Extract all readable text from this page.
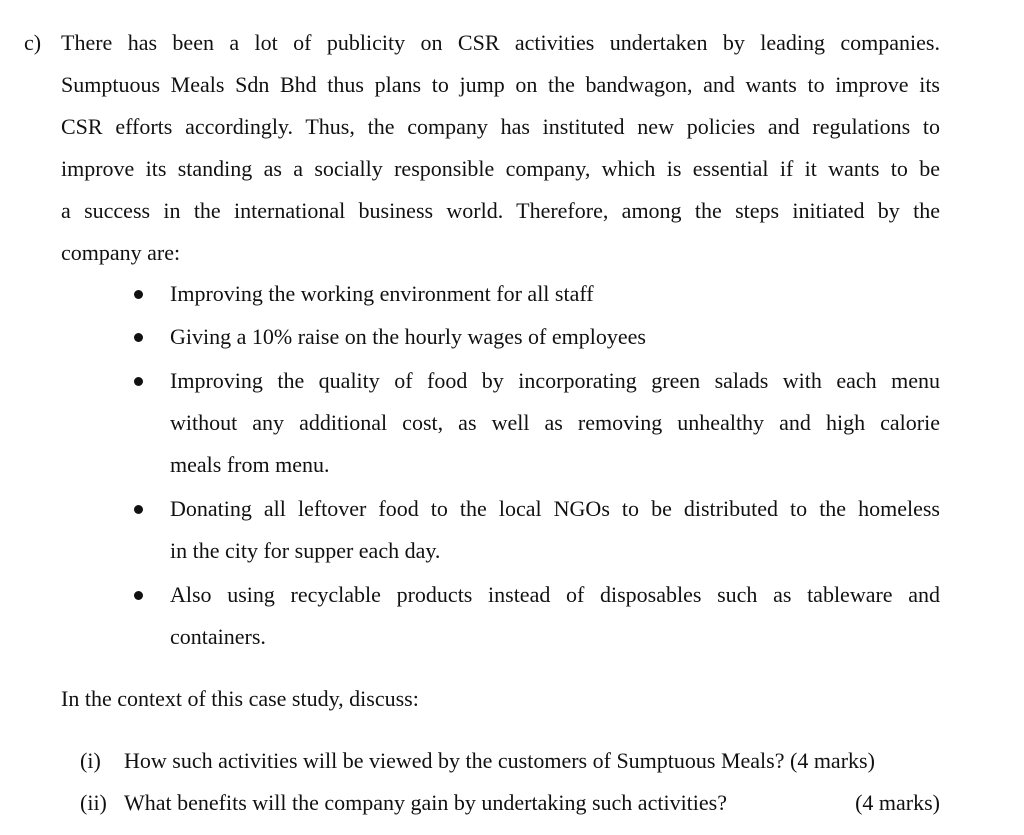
c) There has been a lot of publicity on CSR activities undertaken by leading companies.
Sumptuous Meals Sdn Bhd thus plans to jump on the bandwagon, and wants to improve its
CSR efforts accordingly. Thus, the company has instituted new policies and regulations to
improve its standing as a socially responsible company, which is essential if it wants to be
a success in the international business world. Therefore, among the steps initiated by the
company are:
Improving the working environment for all staff
Giving a 10% raise on the hourly wages of employees
Improving the quality of food by incorporating green salads with each menu
without any additional cost, as well as removing unhealthy and high calorie
meals from menu.
Donating all leftover food to the local NGOs to be distributed to the homeless
in the city for supper each day.
Also using recyclable products instead of disposables such as tableware and
containers.
In the context of this case study, discuss:
(i) How such activities will be viewed by the customers of Sumptuous Meals? (4 marks)
(ii) What benefits will the company gain by undertaking such activities?	(4 marks)
